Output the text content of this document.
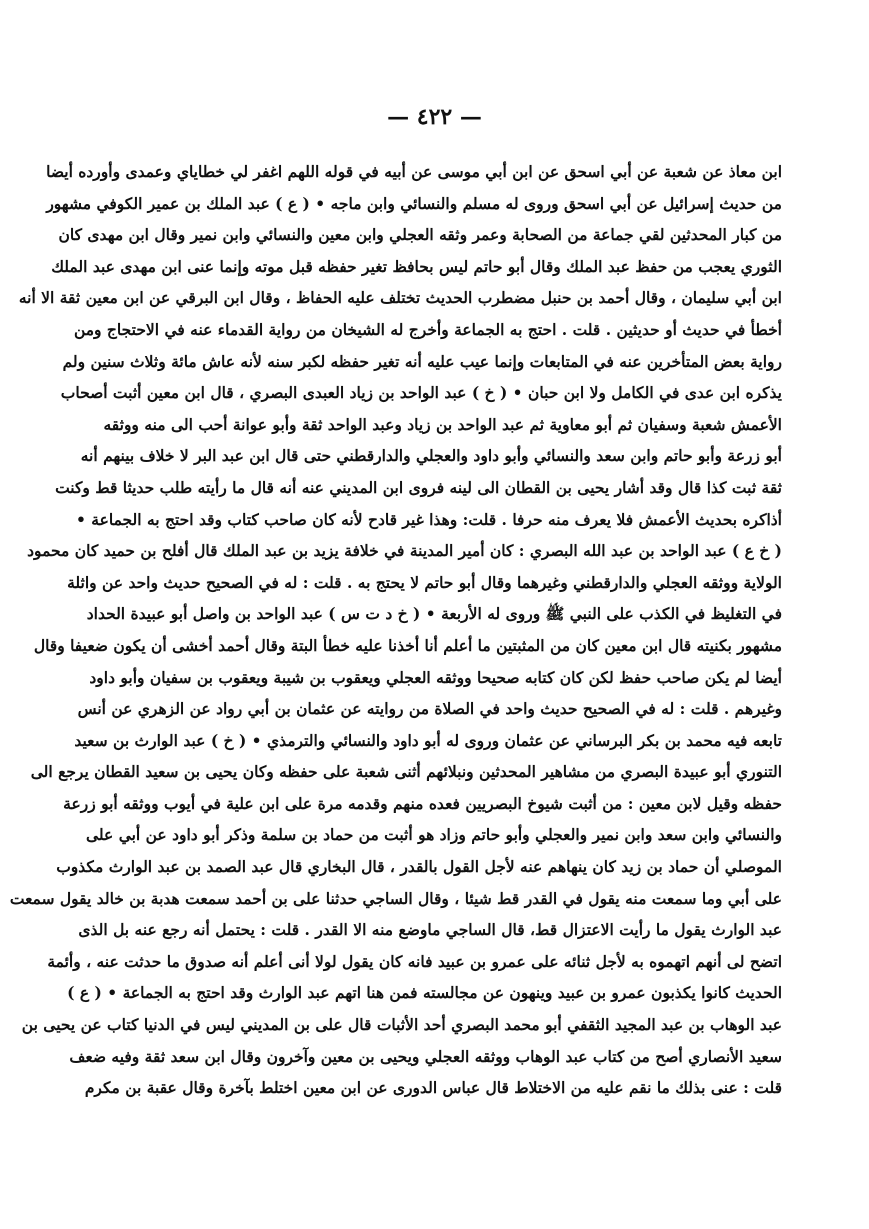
— ٤٢٢ —
ابن معاذ عن شعبة عن أبي اسحق عن ابن أبي موسى عن أبيه في قوله اللهم اغفر لي خطاياي وعمدى وأورده أيضا
من حديث إسرائيل عن أبي اسحق وروى له مسلم والنسائي وابن ماجه • ( ع ) عبد الملك بن عمير الكوفي مشهور
من كبار المحدثين لقي جماعة من الصحابة وعمر وثقه العجلي وابن معين والنسائي وابن نمير وقال ابن مهدى كان
الثوري يعجب من حفظ عبد الملك وقال أبو حاتم ليس بحافظ تغير حفظه قبل موته وإنما عنى ابن مهدى عبد الملك
ابن أبي سليمان ، وقال أحمد بن حنبل مضطرب الحديث تختلف عليه الحفاظ ، وقال ابن البرقي عن ابن معين ثقة الا أنه
أخطأ في حديث أو حديثين . قلت . احتج به الجماعة وأخرج له الشيخان من رواية القدماء عنه في الاحتجاج ومن
رواية بعض المتأخرين عنه في المتابعات وإنما عيب عليه أنه تغير حفظه لكبر سنه لأنه عاش مائة وثلاث سنين ولم
يذكره ابن عدى في الكامل ولا ابن حبان • ( خ ) عبد الواحد بن زياد العبدى البصري ، قال ابن معين أثبت أصحاب
الأعمش شعبة وسفيان ثم أبو معاوية ثم عبد الواحد بن زياد وعبد الواحد ثقة وأبو عوانة أحب الى منه ووثقه
أبو زرعة وأبو حاتم وابن سعد والنسائي وأبو داود والعجلي والدارقطني حتى قال ابن عبد البر لا خلاف بينهم أنه
ثقة ثبت كذا قال وقد أشار يحيى بن القطان الى لينه فروى ابن المديني عنه أنه قال ما رأيته طلب حديثا قط وكنت
أذاكره بحديث الأعمش فلا يعرف منه حرفا . قلت: وهذا غير قادح لأنه كان صاحب كتاب وقد احتج به الجماعة •
( خ ع ) عبد الواحد بن عبد الله البصري : كان أمير المدينة في خلافة يزيد بن عبد الملك قال أفلح بن حميد كان محمود
الولاية ووثقه العجلي والدارقطني وغيرهما وقال أبو حاتم لا يحتج به . قلت : له في الصحيح حديث واحد عن واثلة
في التغليظ في الكذب على النبي ﷺ وروى له الأربعة • ( خ د ت س ) عبد الواحد بن واصل أبو عبيدة الحداد
مشهور بكنيته قال ابن معين كان من المثبتين ما أعلم أنا أخذنا عليه خطأ البتة وقال أحمد أخشى أن يكون ضعيفا وقال
أيضا لم يكن صاحب حفظ لكن كان كتابه صحيحا ووثقه العجلي ويعقوب بن شيبة ويعقوب بن سفيان وأبو داود
وغيرهم . قلت : له في الصحيح حديث واحد في الصلاة من روايته عن عثمان بن أبي رواد عن الزهري عن أنس
تابعه فيه محمد بن بكر البرساني عن عثمان وروى له أبو داود والنسائي والترمذي • ( خ ) عبد الوارث بن سعيد
التنوري أبو عبيدة البصري من مشاهير المحدثين ونبلائهم أثنى شعبة على حفظه وكان يحيى بن سعيد القطان يرجع الى
حفظه وقيل لابن معين : من أثبت شيوخ البصريين فعده منهم وقدمه مرة على ابن علية في أيوب ووثقه أبو زرعة
والنسائي وابن سعد وابن نمير والعجلي وأبو حاتم وزاد هو أثبت من حماد بن سلمة وذكر أبو داود عن أبي على
الموصلي أن حماد بن زيد كان ينهاهم عنه لأجل القول بالقدر ، قال البخاري قال عبد الصمد بن عبد الوارث مكذوب
على أبي وما سمعت منه يقول في القدر قط شيئا ، وقال الساجي حدثنا على بن أحمد سمعت هدبة بن خالد يقول سمعت
عبد الوارث يقول ما رأيت الاعتزال قط، قال الساجي ماوضع منه الا القدر . قلت : يحتمل أنه رجع عنه بل الذى
اتضح لى أنهم اتهموه به لأجل ثنائه على عمرو بن عبيد فانه كان يقول لولا أنى أعلم أنه صدوق ما حدثت عنه ، وأئمة
الحديث كانوا يكذبون عمرو بن عبيد وينهون عن مجالسته فمن هنا اتهم عبد الوارث وقد احتج به الجماعة • ( ع )
عبد الوهاب بن عبد المجيد الثقفي أبو محمد البصري أحد الأثبات قال على بن المديني ليس في الدنيا كتاب عن يحيى بن
سعيد الأنصاري أصح من كتاب عبد الوهاب ووثقه العجلي ويحيى بن معين وآخرون وقال ابن سعد ثقة وفيه ضعف
قلت : عنى بذلك ما نقم عليه من الاختلاط قال عباس الدورى عن ابن معين اختلط بآخرة وقال عقبة بن مكرم
